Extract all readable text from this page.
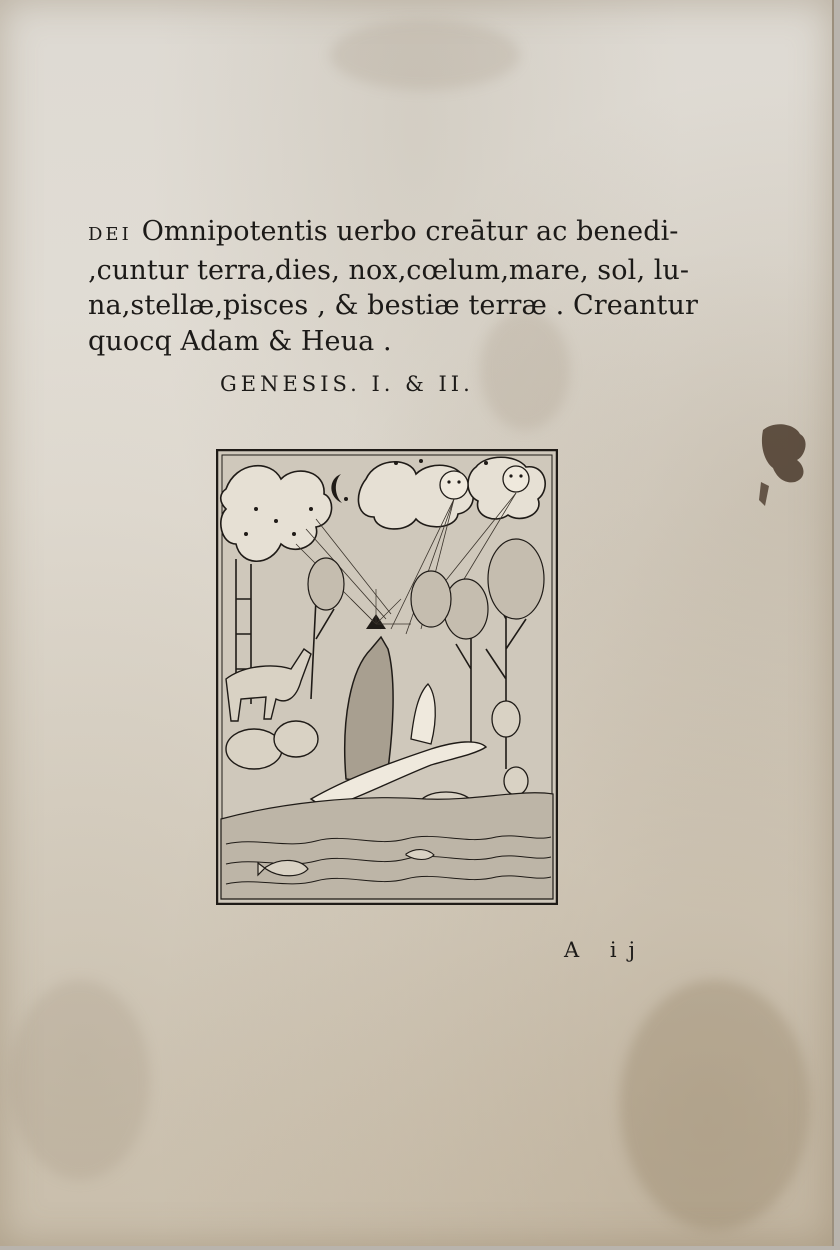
DEI Omnipotentis uerbo creātur ac benedi‑
‚cuntur terra‚dies‚ nox‚cœlum‚mare‚ sol‚ lu‑
na‚stellæ‚pisces ‚ & bestiæ terræ . Creantur
quocq Adam & Heua .
GENESIS. I. & II.
A ij
